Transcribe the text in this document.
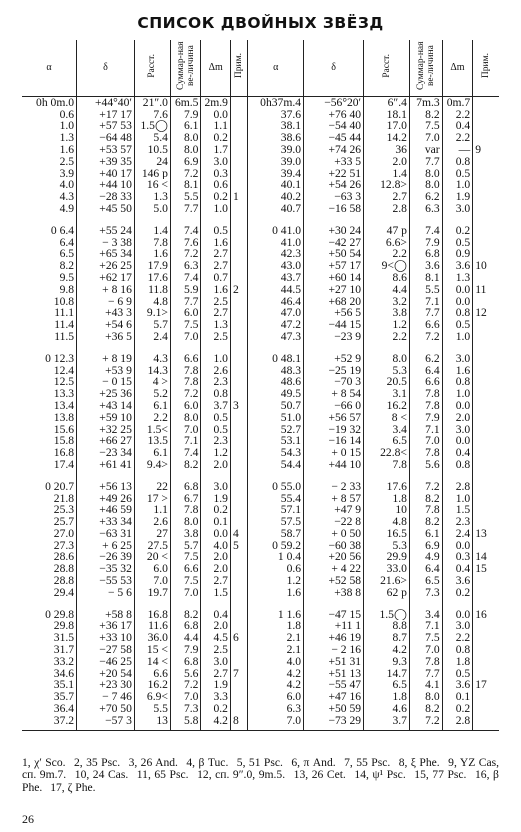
СПИСОК ДВОЙНЫХ ЗВЁЗД
α	δ	Расст.	Суммар-ная ве-личина	Δm	Прим.	α	δ	Расст.	Суммар-ная ве-личина	Δm	Прим.
0h 0m.0	+44°40′	21″.0	6m.5	2m.9		0h37m.4	−56°20′	6″.4	7m.3	0m.7	
0.6	+17 17	7.6	7.9	0.0		37.6	+76 40	18.1	8.2	2.2	
1.0	+57 53	1.5◯	6.1	1.1		38.1	−54 40	17.0	7.5	0.4	
1.3	−64 48	5.4	8.0	0.2		38.6	−45 44	14.2	7.0	2.2	
1.6	+53 57	10.5	8.0	1.7		39.0	+74 26	36	var	—	9
2.5	+39 35	24	6.9	3.0		39.0	+33 5	2.0	7.7	0.8	
3.9	+40 17	146 p	7.2	0.3		39.4	+22 51	1.4	8.0	0.5	
4.0	+44 10	16 <	8.1	0.6		40.1	+54 26	12.8>	8.0	1.0	
4.3	−28 33	1.3	5.5	0.2	1	40.2	−63 3	2.7	6.2	1.9	
4.9	+45 50	5.0	7.7	1.0		40.7	−16 58	2.8	6.3	3.0	

0 6.4	+55 24	1.4	7.4	0.5		0 41.0	+30 24	47 p	7.4	0.2	
6.4	− 3 38	7.8	7.6	1.6		41.0	−42 27	6.6>	7.9	0.5	
6.5	+65 34	1.6	7.2	2.7		42.3	+50 54	2.2	6.8	0.9	
8.2	+26 25	17.9	6.3	2.7		43.0	+57 17	9<◯	3.6	3.6	10
9.5	+62 17	17.6	7.4	0.7		43.7	+60 14	8.6	8.1	1.3	
9.8	+ 8 16	11.8	5.9	1.6	2	44.5	+27 10	4.4	5.5	0.0	11
10.8	− 6 9	4.8	7.7	2.5		46.4	+68 20	3.2	7.1	0.0	
11.1	+43 3	9.1>	6.0	2.7		47.0	+56 5	3.8	7.7	0.8	12
11.4	+54 6	5.7	7.5	1.3		47.2	−44 15	1.2	6.6	0.5	
11.5	+36 5	2.4	7.0	2.5		47.3	−23 9	2.2	7.2	1.0	

0 12.3	+ 8 19	4.3	6.6	1.0		0 48.1	+52 9	8.0	6.2	3.0	
12.4	+53 9	14.3	7.8	2.6		48.3	−25 19	5.3	6.4	1.6	
12.5	− 0 15	4 >	7.8	2.3		48.6	−70 3	20.5	6.6	0.8	
13.3	+25 36	5.2	7.2	0.8		49.5	+ 8 54	3.1	7.8	1.0	
13.4	+43 14	6.1	6.0	3.7	3	50.7	−66 0	16.2	7.8	0.0	
13.8	+59 10	2.2	8.0	0.5		51.0	+56 57	8 <	7.9	2.0	
15.6	+32 25	1.5<	7.0	0.5		52.7	−19 32	3.4	7.1	3.0	
15.8	+66 27	13.5	7.1	2.3		53.1	−16 14	6.5	7.0	0.0	
16.8	−23 34	6.1	7.4	1.2		54.3	+ 0 15	22.8<	7.8	0.4	
17.4	+61 41	9.4>	8.2	2.0		54.4	+44 10	7.8	5.6	0.8	

0 20.7	+56 13	22	6.8	3.0		0 55.0	− 2 33	17.6	7.2	2.8	
21.8	+49 26	17 >	6.7	1.9		55.4	+ 8 57	1.8	8.2	1.0	
25.3	+46 59	1.1	7.8	0.2		57.1	+47 9	10	7.8	1.5	
25.7	+33 34	2.6	8.0	0.1		57.5	−22 8	4.8	8.2	2.3	
27.0	−63 31	27	3.8	0.0	4	58.7	+ 0 50	16.5	6.1	2.4	13
27.3	+ 6 25	27.5	5.7	4.0	5	0 59.2	−60 38	5.3	6.9	0.0	
28.6	−26 39	20 <	7.5	2.0		1 0.4	+20 56	29.9	4.9	0.3	14
28.8	−35 32	6.0	6.6	2.0		0.6	+ 4 22	33.0	6.4	0.4	15
28.8	−55 53	7.0	7.5	2.7		1.2	+52 58	21.6>	6.5	3.6	
29.4	− 5 6	19.7	7.0	1.5		1.6	+38 8	62 p	7.3	0.2	

0 29.8	+58 8	16.8	8.2	0.4		1 1.6	−47 15	1.5◯	3.4	0.0	16
29.8	+36 17	11.6	6.8	2.0		1.8	+11 1	8.8	7.1	3.0	
31.5	+33 10	36.0	4.4	4.5	6	2.1	+46 19	8.7	7.5	2.2	
31.7	−27 58	15 <	7.9	2.5		2.1	− 2 16	4.2	7.0	0.8	
33.2	−46 25	14 <	6.8	3.0		4.0	+51 31	9.3	7.8	1.8	
34.6	+20 54	6.6	5.6	2.7	7	4.2	+51 13	14.7	7.7	0.5	
35.1	+23 30	16.2	7.2	1.9		4.2	−55 47	6.5	4.1	3.6	17
35.7	− 7 46	6.9<	7.0	3.3		6.0	+47 16	1.8	8.0	0.1	
36.4	+70 50	5.5	7.3	0.2		6.3	+50 59	4.6	8.2	0.2	
37.2	−57 3	13	5.8	4.2	8	7.0	−73 29	3.7	7.2	2.8	

1, χ′ Scо. 2, 35 Psc. 3, 26 And. 4, β Tuc. 5, 51 Psc. 6, π And. 7, 55 Psc. 8, ξ Phe. 9, YZ Cas, сп. 9m.7. 10, 24 Cas. 11, 65 Psc. 12, сп. 9″.0, 9m.5. 13, 26 Cet. 14, ψ¹ Psc. 15, 77 Psc. 16, β Phe. 17, ζ Phe.
26
